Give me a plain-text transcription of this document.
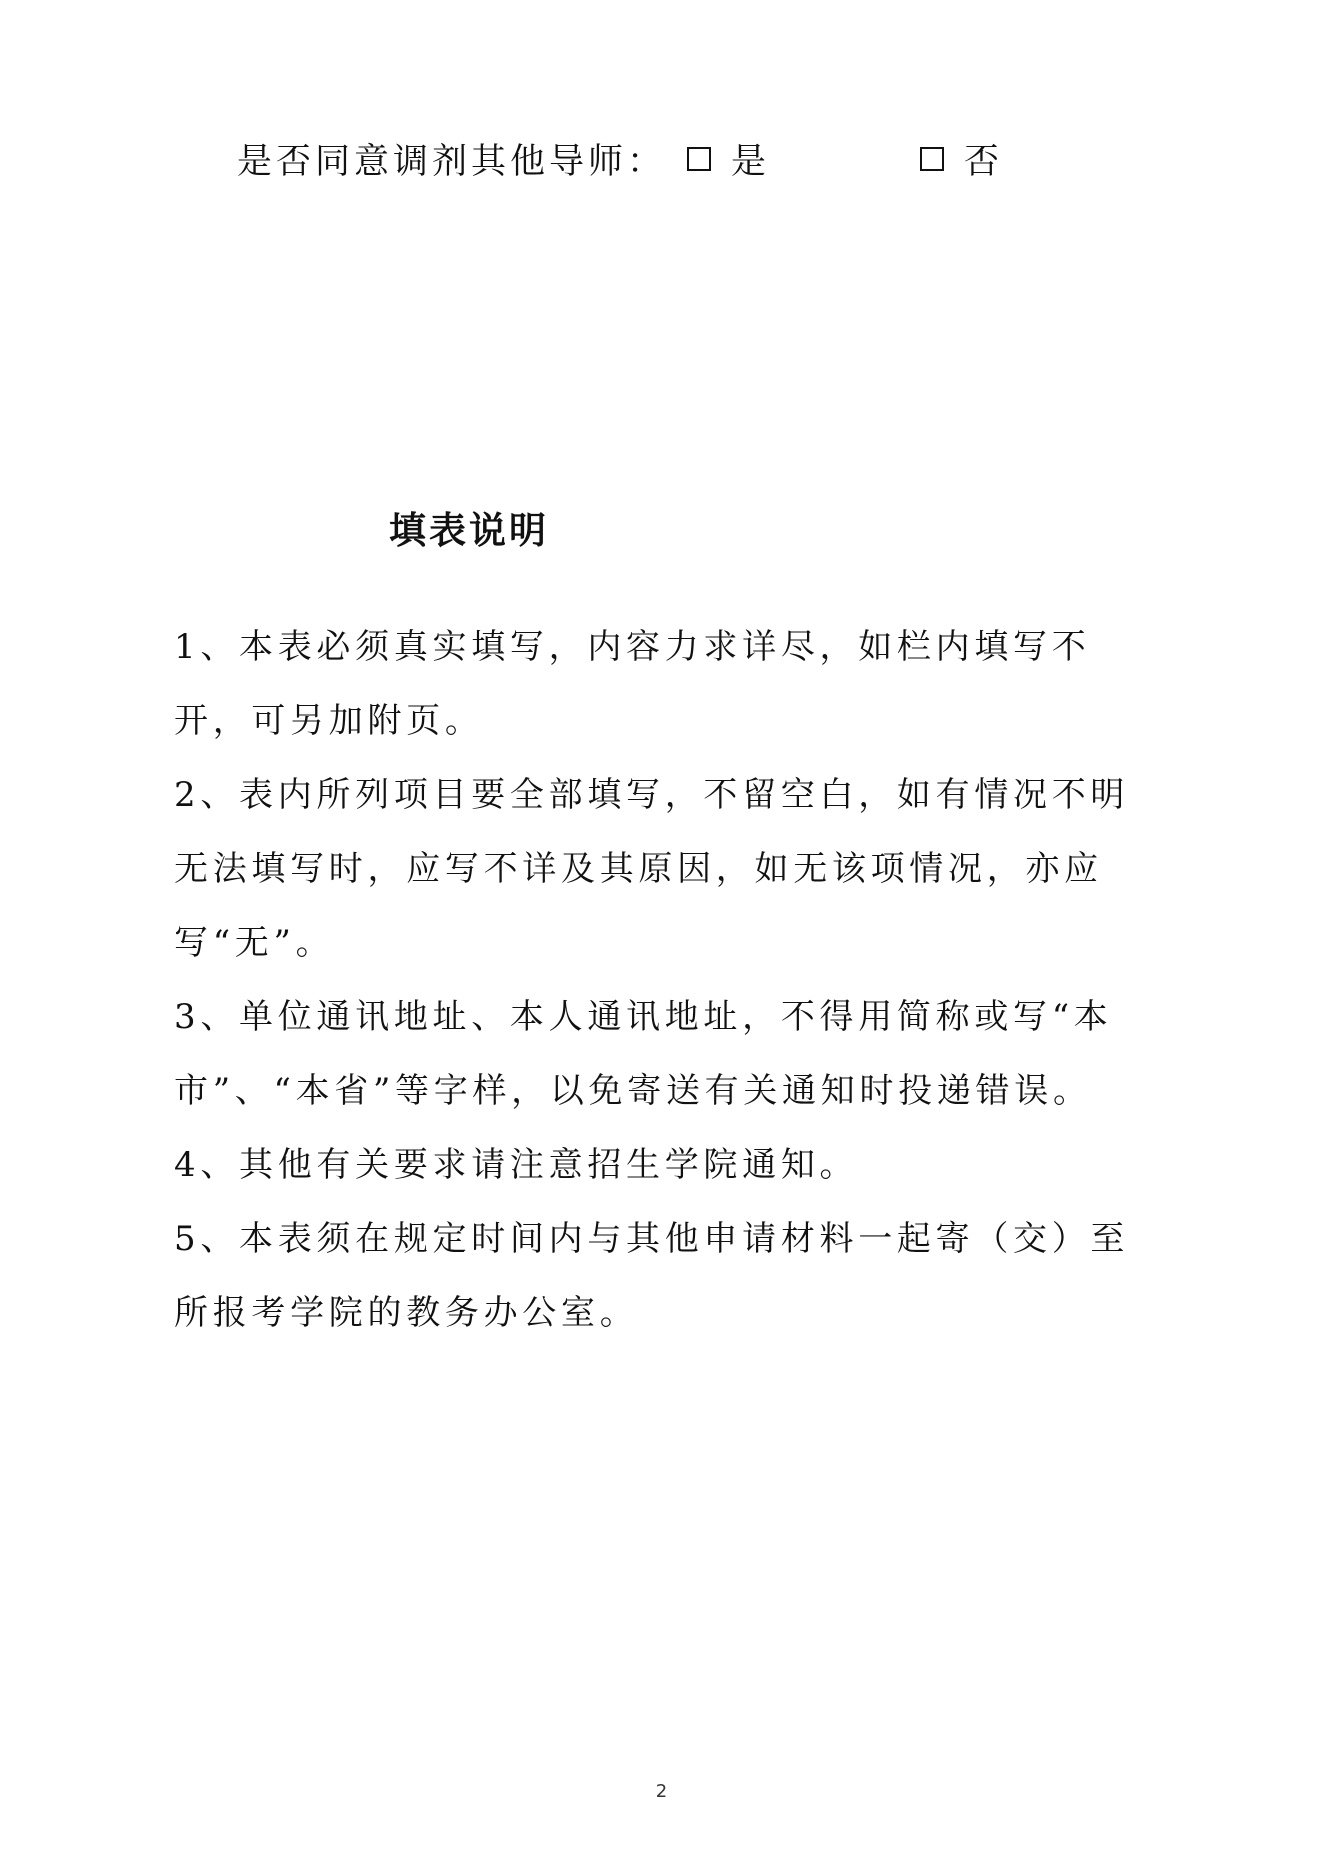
是否同意调剂其他导师： 是	否
填表说明
1、本表必须真实填写，内容力求详尽，如栏内填写不开，可另加附页。
2、表内所列项目要全部填写，不留空白，如有情况不明无法填写时，应写不详及其原因，如无该项情况，亦应写“无”。
3、单位通讯地址、本人通讯地址，不得用简称或写“本市”、“本省”等字样，以免寄送有关通知时投递错误。
4、其他有关要求请注意招生学院通知。
5、本表须在规定时间内与其他申请材料一起寄（交）至所报考学院的教务办公室。
2
